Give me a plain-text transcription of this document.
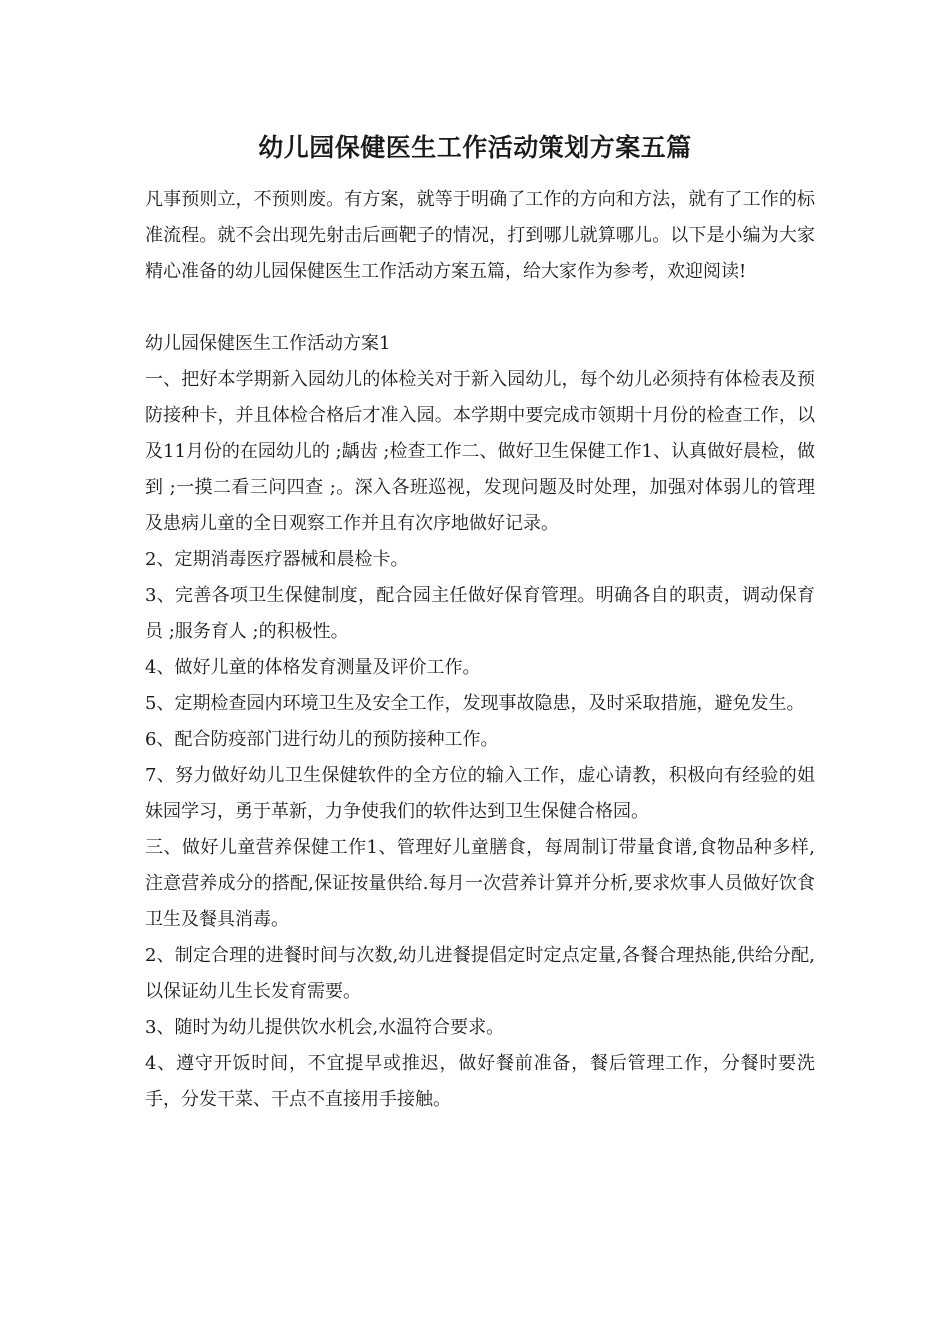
幼儿园保健医生工作活动策划方案五篇

凡事预则立，不预则废。有方案，就等于明确了工作的方向和方法，就有了工作的标准流程。就不会出现先射击后画靶子的情况，打到哪儿就算哪儿。以下是小编为大家精心准备的幼儿园保健医生工作活动方案五篇，给大家作为参考，欢迎阅读!

幼儿园保健医生工作活动方案1

一、把好本学期新入园幼儿的体检关对于新入园幼儿，每个幼儿必须持有体检表及预防接种卡，并且体检合格后才准入园。本学期中要完成市领期十月份的检查工作，以及11月份的在园幼儿的 ;龋齿 ;检查工作二、做好卫生保健工作1、认真做好晨检，做到 ;一摸二看三问四查 ;。深入各班巡视，发现问题及时处理，加强对体弱儿的管理及患病儿童的全日观察工作并且有次序地做好记录。

2、定期消毒医疗器械和晨检卡。

3、完善各项卫生保健制度，配合园主任做好保育管理。明确各自的职责，调动保育员 ;服务育人 ;的积极性。

4、做好儿童的体格发育测量及评价工作。

5、定期检查园内环境卫生及安全工作，发现事故隐患，及时采取措施，避免发生。

6、配合防疫部门进行幼儿的预防接种工作。

7、努力做好幼儿卫生保健软件的全方位的输入工作，虚心请教，积极向有经验的姐妹园学习，勇于革新，力争使我们的软件达到卫生保健合格园。

三、做好儿童营养保健工作1、管理好儿童膳食，每周制订带量食谱,食物品种多样,注意营养成分的搭配,保证按量供给.每月一次营养计算并分析,要求炊事人员做好饮食卫生及餐具消毒。

2、制定合理的进餐时间与次数,幼儿进餐提倡定时定点定量,各餐合理热能,供给分配,以保证幼儿生长发育需要。

3、随时为幼儿提供饮水机会,水温符合要求。

4、遵守开饭时间，不宜提早或推迟，做好餐前准备，餐后管理工作，分餐时要洗手，分发干菜、干点不直接用手接触。
